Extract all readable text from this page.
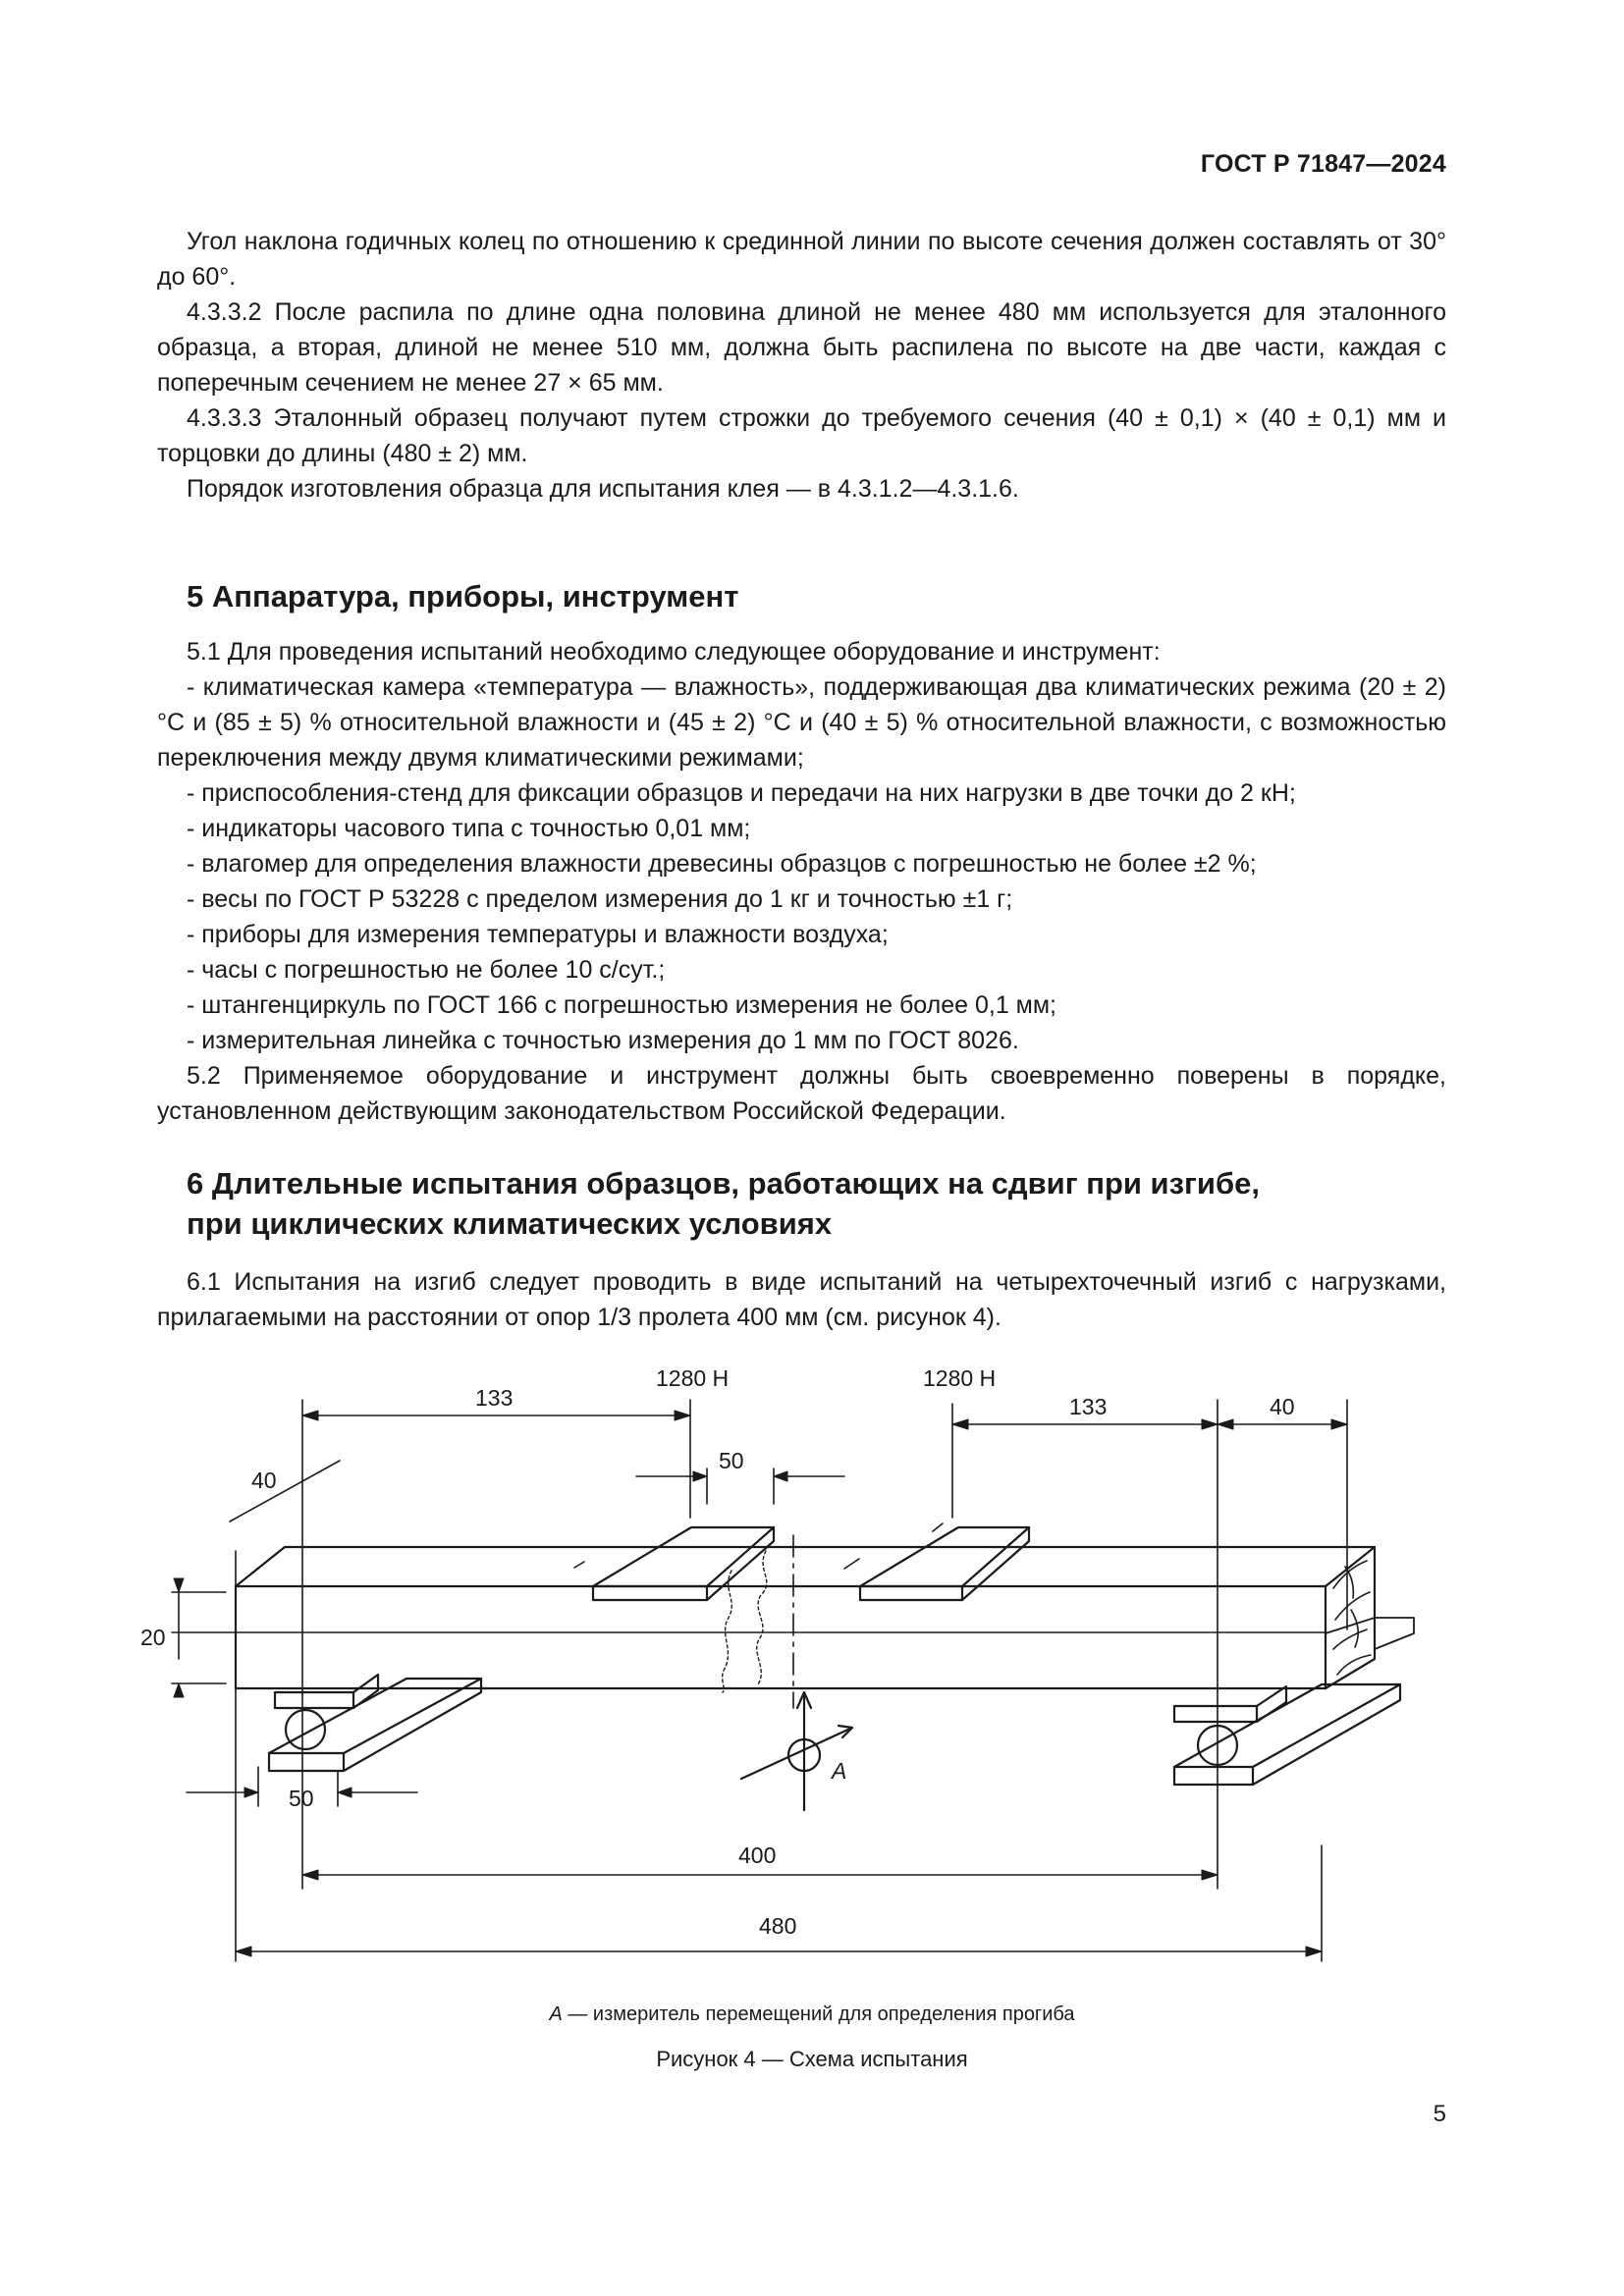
ГОСТ Р 71847—2024

Угол наклона годичных колец по отношению к срединной линии по высоте сечения должен составлять от 30° до 60°.

4.3.3.2 После распила по длине одна половина длиной не менее 480 мм используется для эталонного образца, а вторая, длиной не менее 510 мм, должна быть распилена по высоте на две части, каждая с поперечным сечением не менее 27 × 65 мм.

4.3.3.3 Эталонный образец получают путем строжки до требуемого сечения (40 ± 0,1) × (40 ± 0,1) мм и торцовки до длины (480 ± 2) мм.

Порядок изготовления образца для испытания клея — в 4.3.1.2—4.3.1.6.

5 Аппаратура, приборы, инструмент

5.1 Для проведения испытаний необходимо следующее оборудование и инструмент:

- климатическая камера «температура — влажность», поддерживающая два климатических режима (20 ± 2) °С и (85 ± 5) % относительной влажности и (45 ± 2) °С и (40 ± 5) % относительной влажности, с возможностью переключения между двумя климатическими режимами;

- приспособления-стенд для фиксации образцов и передачи на них нагрузки в две точки до 2 кН;

- индикаторы часового типа с точностью 0,01 мм;

- влагомер для определения влажности древесины образцов с погрешностью не более ±2 %;

- весы по ГОСТ Р 53228 с пределом измерения до 1 кг и точностью ±1 г;

- приборы для измерения температуры и влажности воздуха;

- часы с погрешностью не более 10 с/сут.;

- штангенциркуль по ГОСТ 166 с погрешностью измерения не более 0,1 мм;

- измерительная линейка с точностью измерения до 1 мм по ГОСТ 8026.

5.2 Применяемое оборудование и инструмент должны быть своевременно поверены в порядке, установленном действующим законодательством Российской Федерации.

6 Длительные испытания образцов, работающих на сдвиг при изгибе,
при циклических климатических условиях

6.1 Испытания на изгиб следует проводить в виде испытаний на четырехточечный изгиб с нагрузками, прилагаемыми на расстоянии от опор 1/3 пролета 400 мм (см. рисунок 4).

133
1280 Н	1280 Н
133	40
40
50
20
50
400
480
А
А — измеритель перемещений для определения прогиба
Рисунок 4 — Схема испытания
5
